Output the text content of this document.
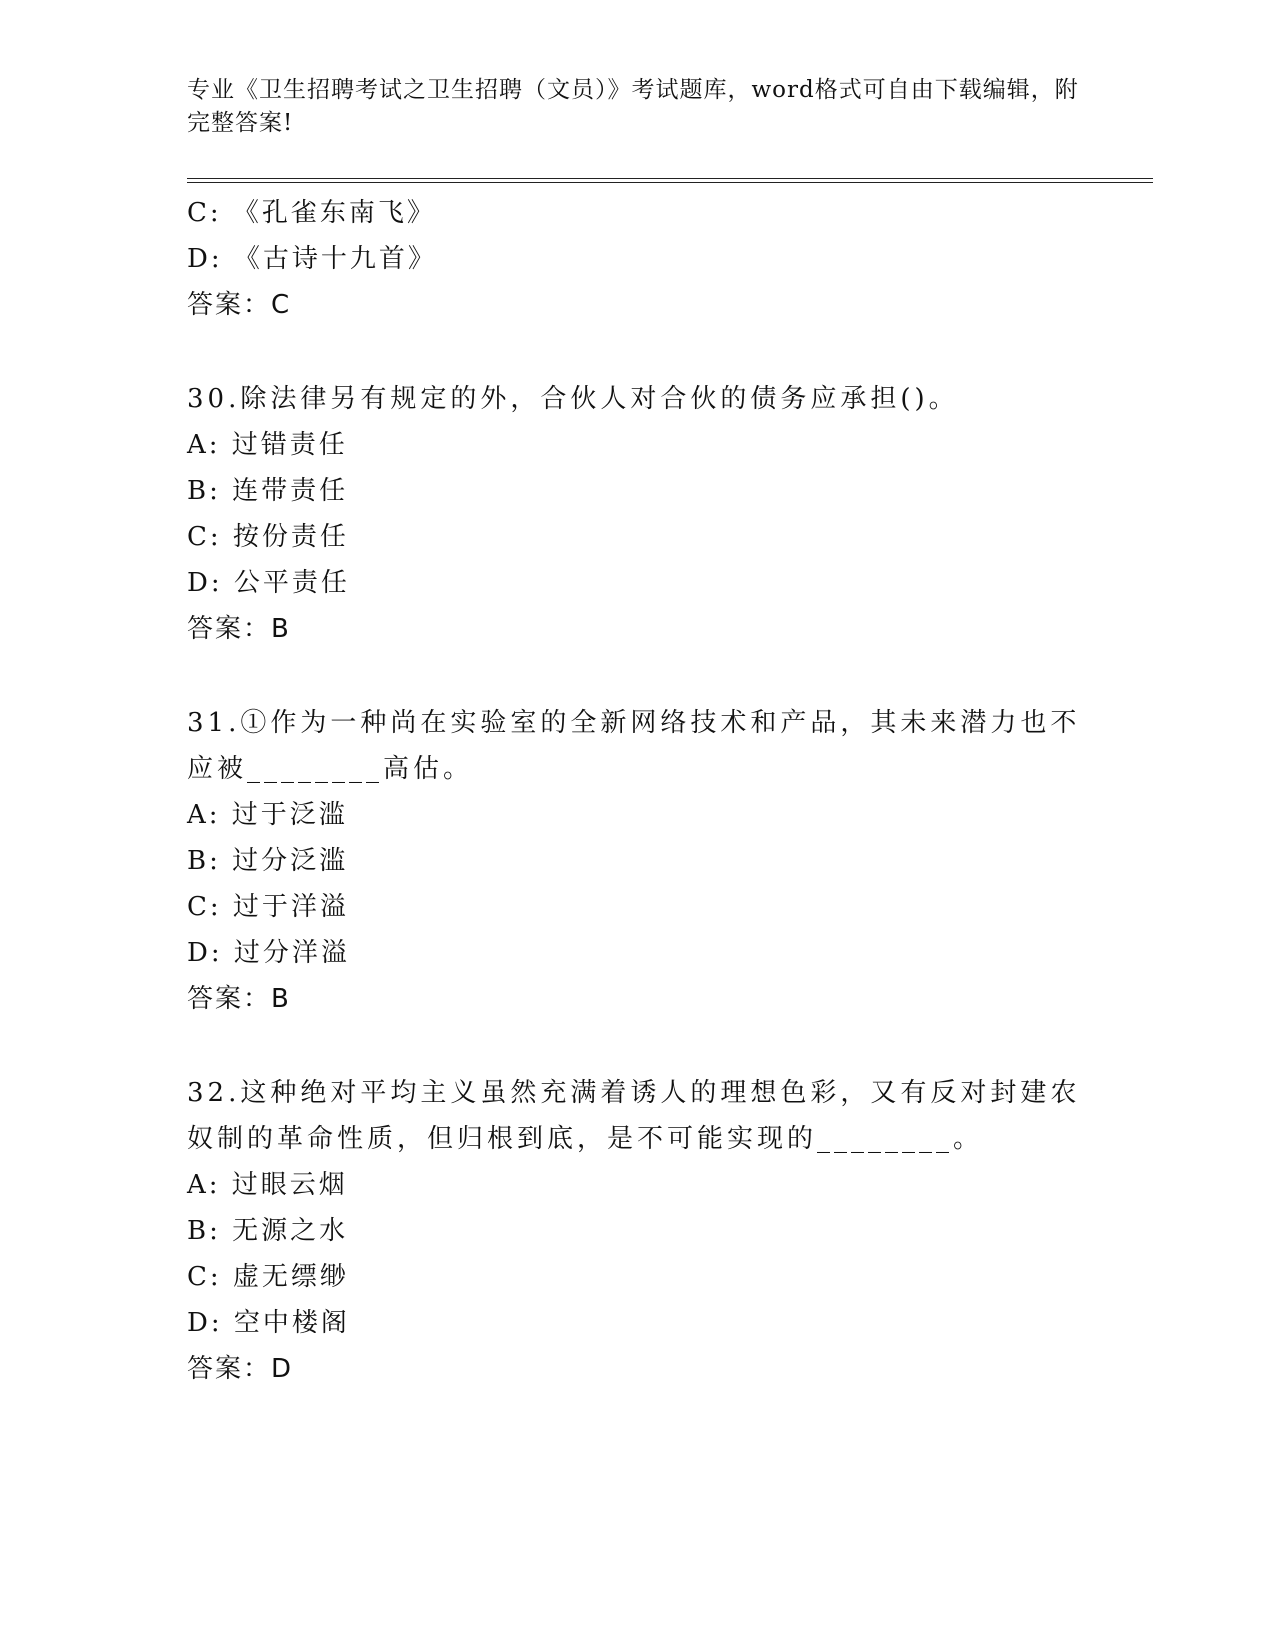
专业《卫生招聘考试之卫生招聘（文员）》考试题库，word格式可自由下载编辑，附完整答案!
C: 《孔雀东南飞》
D: 《古诗十九首》
答案：C
30.除法律另有规定的外，合伙人对合伙的债务应承担()。
A: 过错责任
B: 连带责任
C: 按份责任
D: 公平责任
答案：B
31.①作为一种尚在实验室的全新网络技术和产品，其未来潜力也不应被________高估。
A: 过于泛滥
B: 过分泛滥
C: 过于洋溢
D: 过分洋溢
答案：B
32.这种绝对平均主义虽然充满着诱人的理想色彩，又有反对封建农奴制的革命性质，但归根到底，是不可能实现的________。
A: 过眼云烟
B: 无源之水
C: 虚无缥缈
D: 空中楼阁
答案：D
